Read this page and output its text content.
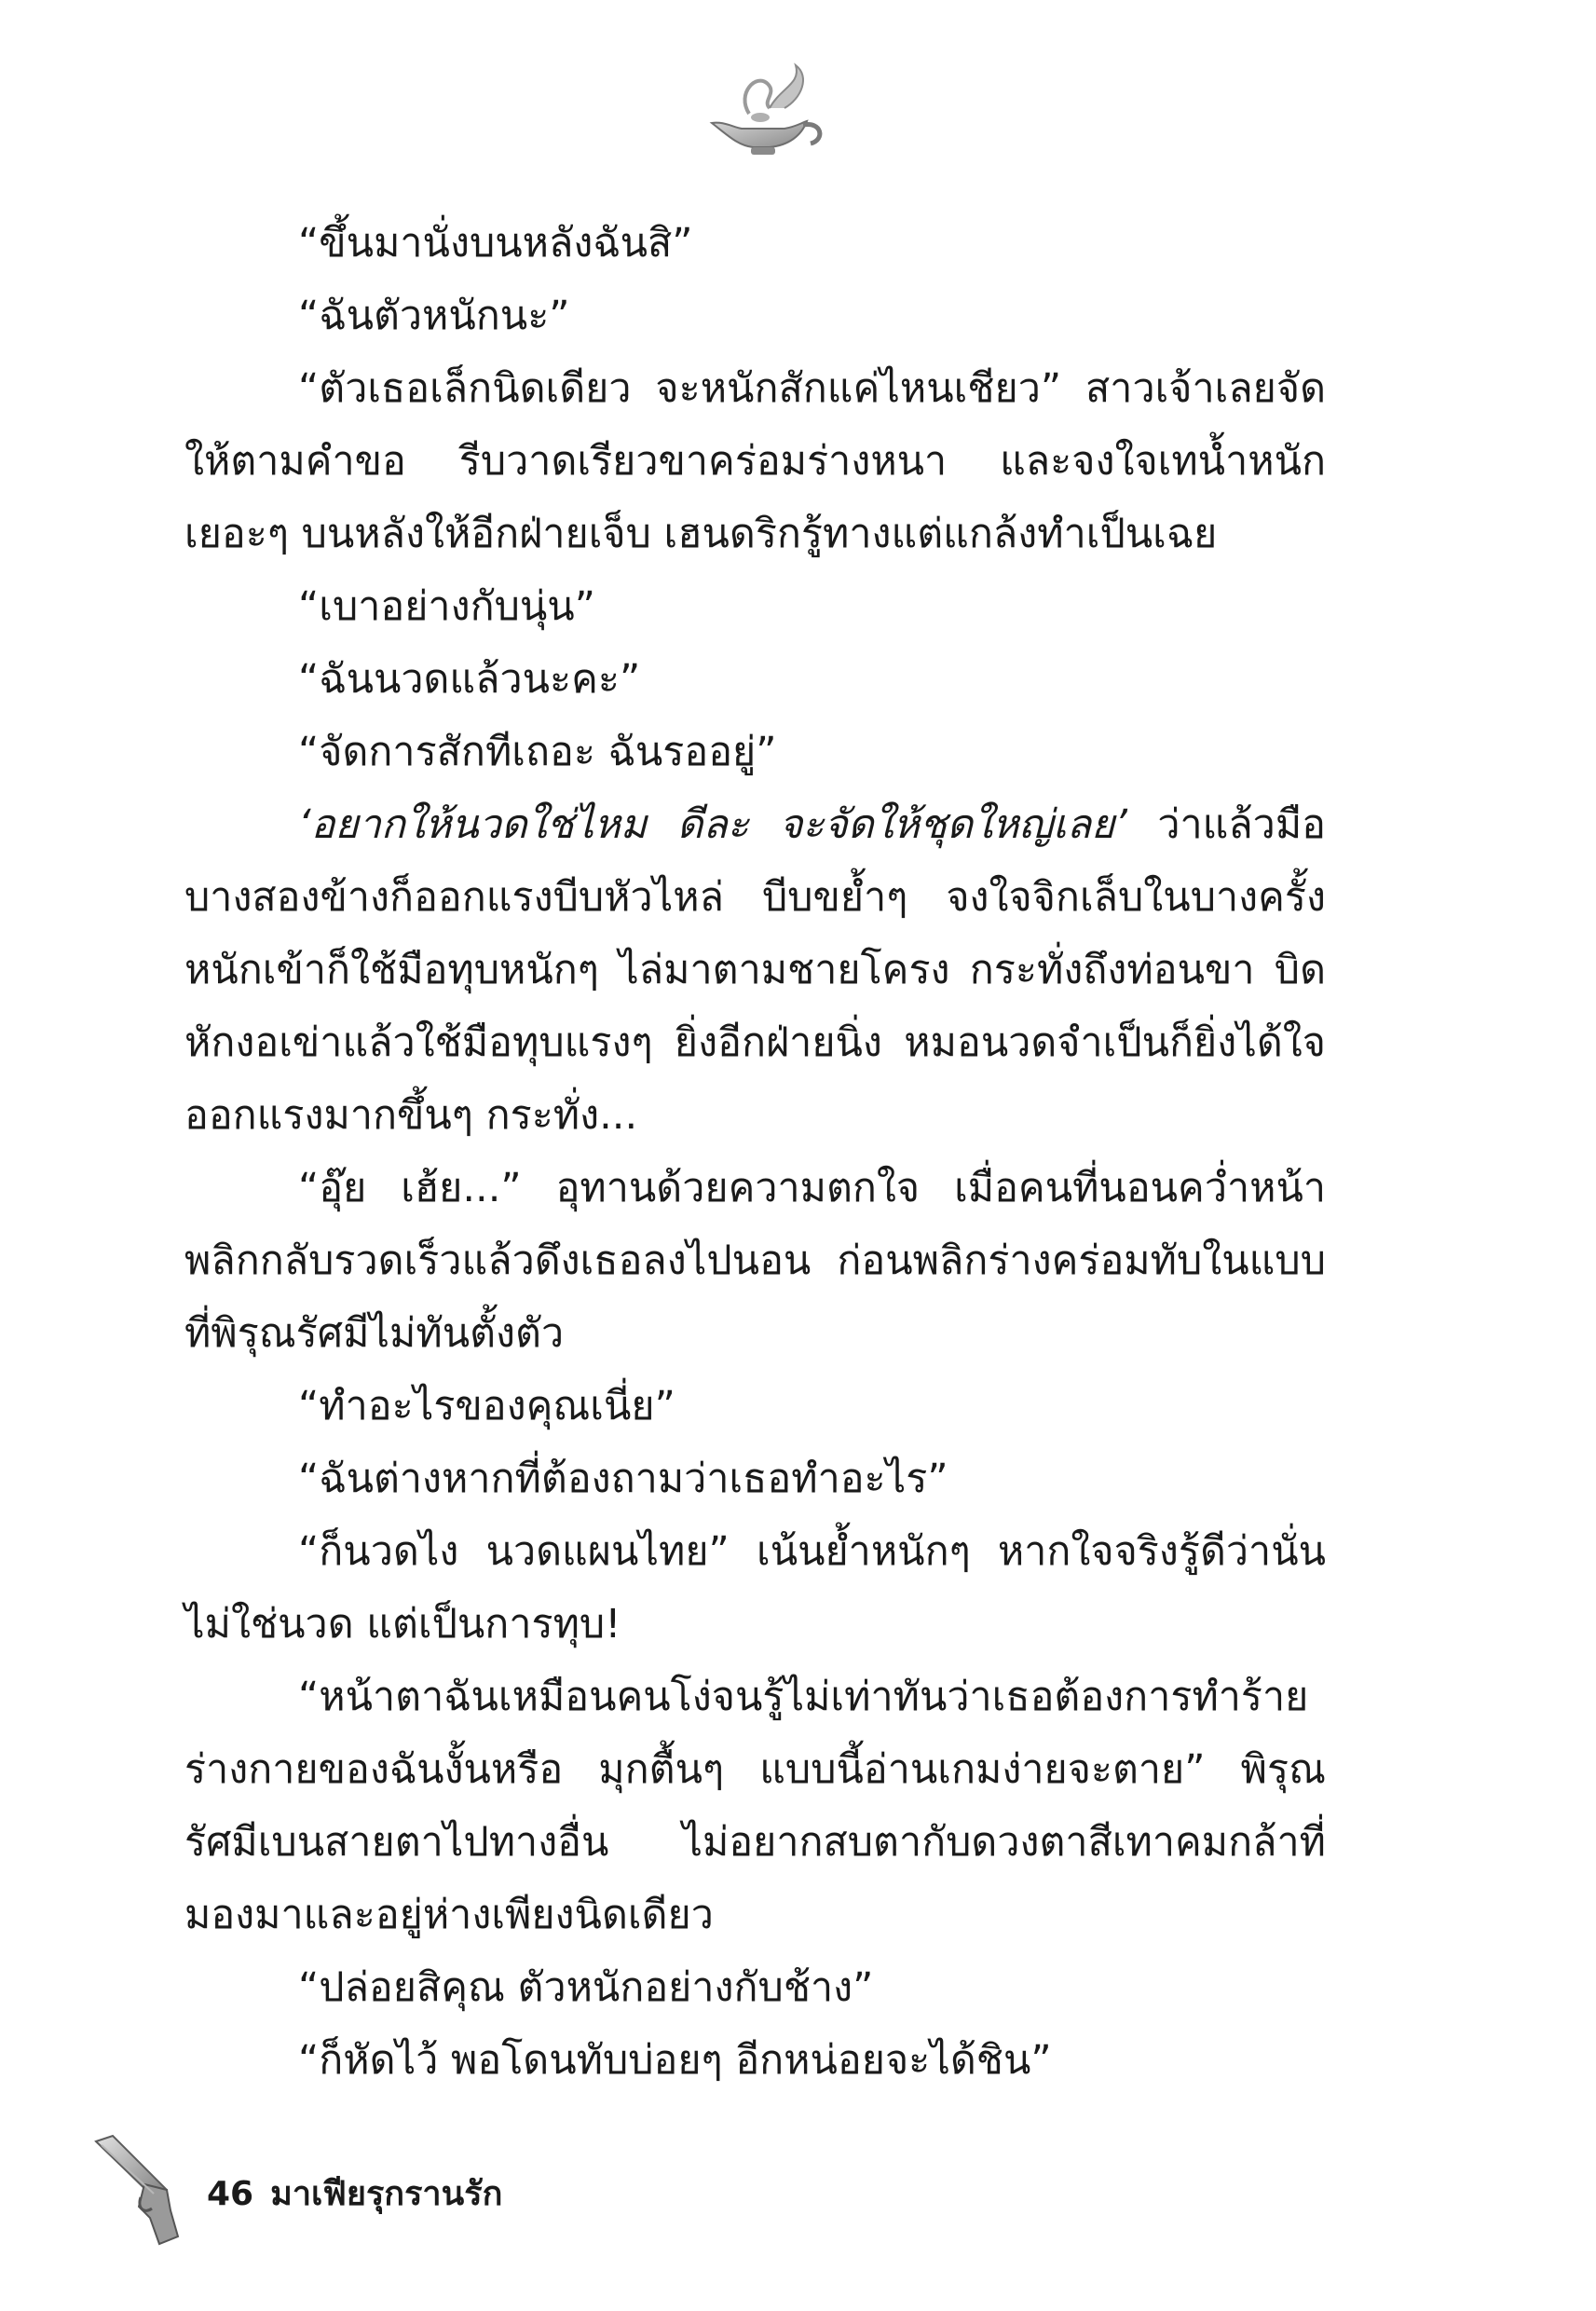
“ขึ้นมานั่งบนหลังฉันสิ”

“ฉันตัวหนักนะ”

“ตัวเธอเล็กนิดเดียว จะหนักสักแค่ไหนเชียว” สาวเจ้าเลยจัดให้ตามคำขอ รีบวาดเรียวขาคร่อมร่างหนา และจงใจเทน้ำหนักเยอะๆ บนหลังให้อีกฝ่ายเจ็บ เฮนดริกรู้ทางแต่แกล้งทำเป็นเฉย

“เบาอย่างกับนุ่น”

“ฉันนวดแล้วนะคะ”

“จัดการสักทีเถอะ ฉันรออยู่”

‘อยากให้นวดใช่ไหม ดีละ จะจัดให้ชุดใหญ่เลย’ ว่าแล้วมือบางสองข้างก็ออกแรงบีบหัวไหล่ บีบขย้ำๆ จงใจจิกเล็บในบางครั้ง หนักเข้าก็ใช้มือทุบหนักๆ ไล่มาตามชายโครง กระทั่งถึงท่อนขา บิดหักงอเข่าแล้วใช้มือทุบแรงๆ ยิ่งอีกฝ่ายนิ่ง หมอนวดจำเป็นก็ยิ่งได้ใจ ออกแรงมากขึ้นๆ กระทั่ง...

“อุ๊ย เฮ้ย...” อุทานด้วยความตกใจ เมื่อคนที่นอนคว่ำหน้าพลิกกลับรวดเร็วแล้วดึงเธอลงไปนอน ก่อนพลิกร่างคร่อมทับในแบบที่พิรุณรัศมีไม่ทันตั้งตัว

“ทำอะไรของคุณเนี่ย”

“ฉันต่างหากที่ต้องถามว่าเธอทำอะไร”

“ก็นวดไง นวดแผนไทย” เน้นย้ำหนักๆ หากใจจริงรู้ดีว่านั่นไม่ใช่นวด แต่เป็นการทุบ!

“หน้าตาฉันเหมือนคนโง่จนรู้ไม่เท่าทันว่าเธอต้องการทำร้ายร่างกายของฉันงั้นหรือ มุกตื้นๆ แบบนี้อ่านเกมง่ายจะตาย” พิรุณรัศมีเบนสายตาไปทางอื่น ไม่อยากสบตากับดวงตาสีเทาคมกล้าที่มองมาและอยู่ห่างเพียงนิดเดียว

“ปล่อยสิคุณ ตัวหนักอย่างกับช้าง”

“ก็หัดไว้ พอโดนทับบ่อยๆ อีกหน่อยจะได้ชิน”

46 มาเฟียรุกรานรัก
